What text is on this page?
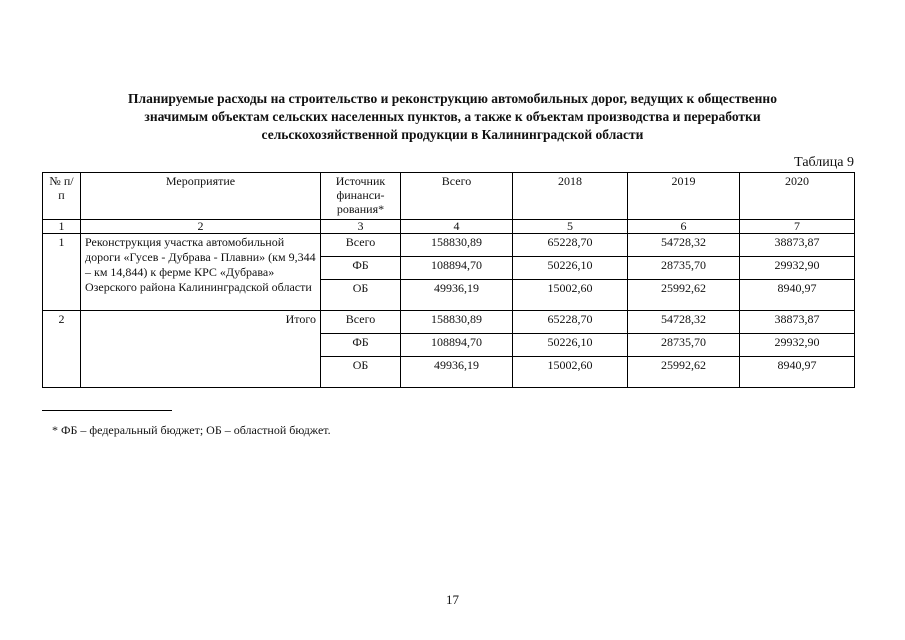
Планируемые расходы на строительство и реконструкцию автомобильных дорог, ведущих к общественно
значимым объектам сельских населенных пунктов, а также к объектам производства и переработки
сельскохозяйственной продукции в Калининградской области
Таблица 9
№ п/п	Мероприятие	Источник финанси-рования*	Всего	2018	2019	2020
1	2	3	4	5	6	7
1	Реконструкция участка автомобильной дороги «Гусев - Дубрава - Плавни» (км 9,344 – км 14,844) к ферме КРС «Дубрава» Озерского района Калининградской области	Всего	158830,89	65228,70	54728,32	38873,87
		ФБ	108894,70	50226,10	28735,70	29932,90
		ОБ	49936,19	15002,60	25992,62	8940,97
2	Итого	Всего	158830,89	65228,70	54728,32	38873,87
		ФБ	108894,70	50226,10	28735,70	29932,90
		ОБ	49936,19	15002,60	25992,62	8940,97
* ФБ – федеральный бюджет; ОБ – областной бюджет.
17
